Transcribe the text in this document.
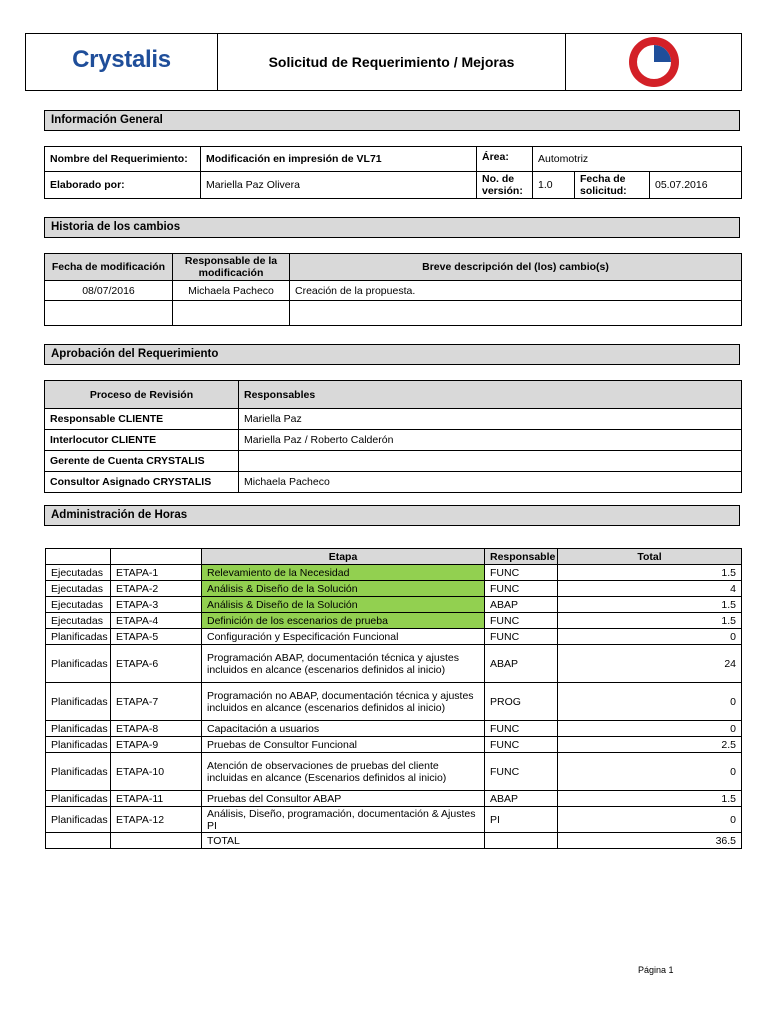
Crystalis	Solicitud de Requerimiento / Mejoras	
Información General
Nombre del Requerimiento:	Modificación en impresión de VL71	Área:	Automotriz		
Elaborado por:	Mariella Paz Olivera	No. de versión:	1.0	Fecha de solicitud:	05.07.2016
Historia de los cambios
Fecha de modificación	Responsable de la modificación	Breve descripción del (los) cambio(s)
08/07/2016	Michaela Pacheco	Creación de la propuesta.

Aprobación del Requerimiento
Proceso de Revisión	Responsables
Responsable CLIENTE	Mariella Paz
Interlocutor CLIENTE	Mariella Paz / Roberto Calderón
Gerente de Cuenta CRYSTALIS	
Consultor Asignado CRYSTALIS	Michaela Pacheco
Administración de Horas
		Etapa	Responsable	Total
Ejecutadas	ETAPA-1	Relevamiento de la Necesidad	FUNC	1.5
Ejecutadas	ETAPA-2	Análisis & Diseño de la Solución	FUNC	4
Ejecutadas	ETAPA-3	Análisis & Diseño de la Solución	ABAP	1.5
Ejecutadas	ETAPA-4	Definición de los escenarios de prueba	FUNC	1.5
Planificadas	ETAPA-5	Configuración y Especificación Funcional	FUNC	0
Planificadas	ETAPA-6	Programación ABAP, documentación técnica y ajustes incluidos en alcance (escenarios definidos al inicio)	ABAP	24
Planificadas	ETAPA-7	Programación no ABAP, documentación técnica y ajustes incluidos en alcance (escenarios definidos al inicio)	PROG	0
Planificadas	ETAPA-8	Capacitación a usuarios	FUNC	0
Planificadas	ETAPA-9	Pruebas de Consultor Funcional	FUNC	2.5
Planificadas	ETAPA-10	Atención de observaciones de pruebas del cliente incluidas en alcance (Escenarios definidos al inicio)	FUNC	0
Planificadas	ETAPA-11	Pruebas del Consultor ABAP	ABAP	1.5
Planificadas	ETAPA-12	Análisis, Diseño, programación, documentación & Ajustes PI	PI	0
		TOTAL		36.5
Página 1
